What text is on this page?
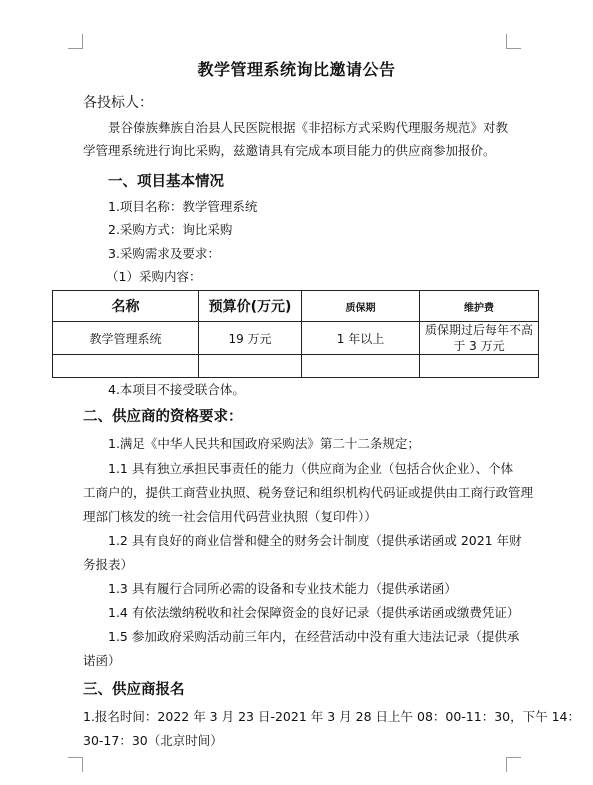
教学管理系统询比邀请公告
各投标人：
景谷傣族彝族自治县人民医院根据《非招标方式采购代理服务规范》对教
学管理系统进行询比采购，兹邀请具有完成本项目能力的供应商参加报价。
一、项目基本情况
1.项目名称：教学管理系统
2.采购方式：询比采购
3.采购需求及要求：
（1）采购内容：
名称	预算价(万元)	质保期	维护费
教学管理系统	19 万元	1 年以上	质保期过后每年不高于 3 万元

4.本项目不接受联合体。
二、供应商的资格要求：
1.满足《中华人民共和国政府采购法》第二十二条规定；
1.1 具有独立承担民事责任的能力（供应商为企业（包括合伙企业）、个体
工商户的，提供工商营业执照、税务登记和组织机构代码证或提供由工商行政管理
理部门核发的统一社会信用代码营业执照（复印件））
1.2 具有良好的商业信誉和健全的财务会计制度（提供承诺函或 2021 年财
务报表）
1.3 具有履行合同所必需的设备和专业技术能力（提供承诺函）
1.4 有依法缴纳税收和社会保障资金的良好记录（提供承诺函或缴费凭证）
1.5 参加政府采购活动前三年内，在经营活动中没有重大违法记录（提供承
诺函）
三、供应商报名
1.报名时间：2022 年 3 月 23 日-2021 年 3 月 28 日上午 08：00-11：30，下午 14：
30-17：30（北京时间）
